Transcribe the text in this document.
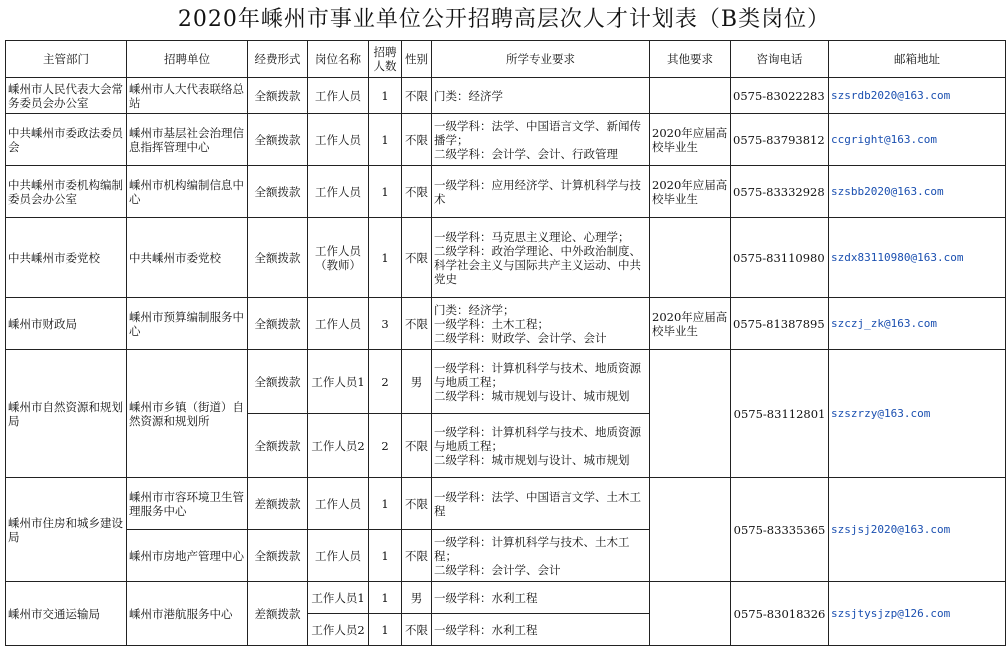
2020年嵊州市事业单位公开招聘高层次人才计划表（B类岗位）
主管部门	招聘单位	经费形式	岗位名称	招聘人数	性别	所学专业要求	其他要求	咨询电话	邮箱地址
嵊州市人民代表大会常务委员会办公室	嵊州市人大代表联络总站	全额拨款	工作人员	1	不限	门类：经济学		0575-83022283	szsrdb2020@163.com
中共嵊州市委政法委员会	嵊州市基层社会治理信息指挥管理中心	全额拨款	工作人员	1	不限	一级学科：法学、中国语言文学、新闻传播学；
二级学科：会计学、会计、行政管理	2020年应届高校毕业生	0575-83793812	ccgright@163.com
中共嵊州市委机构编制委员会办公室	嵊州市机构编制信息中心	全额拨款	工作人员	1	不限	一级学科：应用经济学、计算机科学与技术	2020年应届高校毕业生	0575-83332928	szsbb2020@163.com
中共嵊州市委党校	中共嵊州市委党校	全额拨款	工作人员（教师）	1	不限	一级学科：马克思主义理论、心理学；
二级学科：政治学理论、中外政治制度、科学社会主义与国际共产主义运动、中共党史		0575-83110980	szdx83110980@163.com
嵊州市财政局	嵊州市预算编制服务中心	全额拨款	工作人员	3	不限	门类：经济学；
一级学科：土木工程；
二级学科：财政学、会计学、会计	2020年应届高校毕业生	0575-81387895	szczj_zk@163.com
嵊州市自然资源和规划局	嵊州市乡镇（街道）自然资源和规划所	全额拨款	工作人员1	2	男	一级学科：计算机科学与技术、地质资源与地质工程；
二级学科：城市规划与设计、城市规划		0575-83112801	szszrzy@163.com
		全额拨款	工作人员2	2	不限	一级学科：计算机科学与技术、地质资源与地质工程；
二级学科：城市规划与设计、城市规划			
嵊州市住房和城乡建设局	嵊州市市容环境卫生管理服务中心	差额拨款	工作人员	1	不限	一级学科：法学、中国语言文学、土木工程		0575-83335365	szsjsj2020@163.com
	嵊州市房地产管理中心	全额拨款	工作人员	1	不限	一级学科：计算机科学与技术、土木工程；
二级学科：会计学、会计			
嵊州市交通运输局	嵊州市港航服务中心	差额拨款	工作人员1	1	男	一级学科：水利工程		0575-83018326	szsjtysjzp@126.com
			工作人员2	1	不限	一级学科：水利工程			
